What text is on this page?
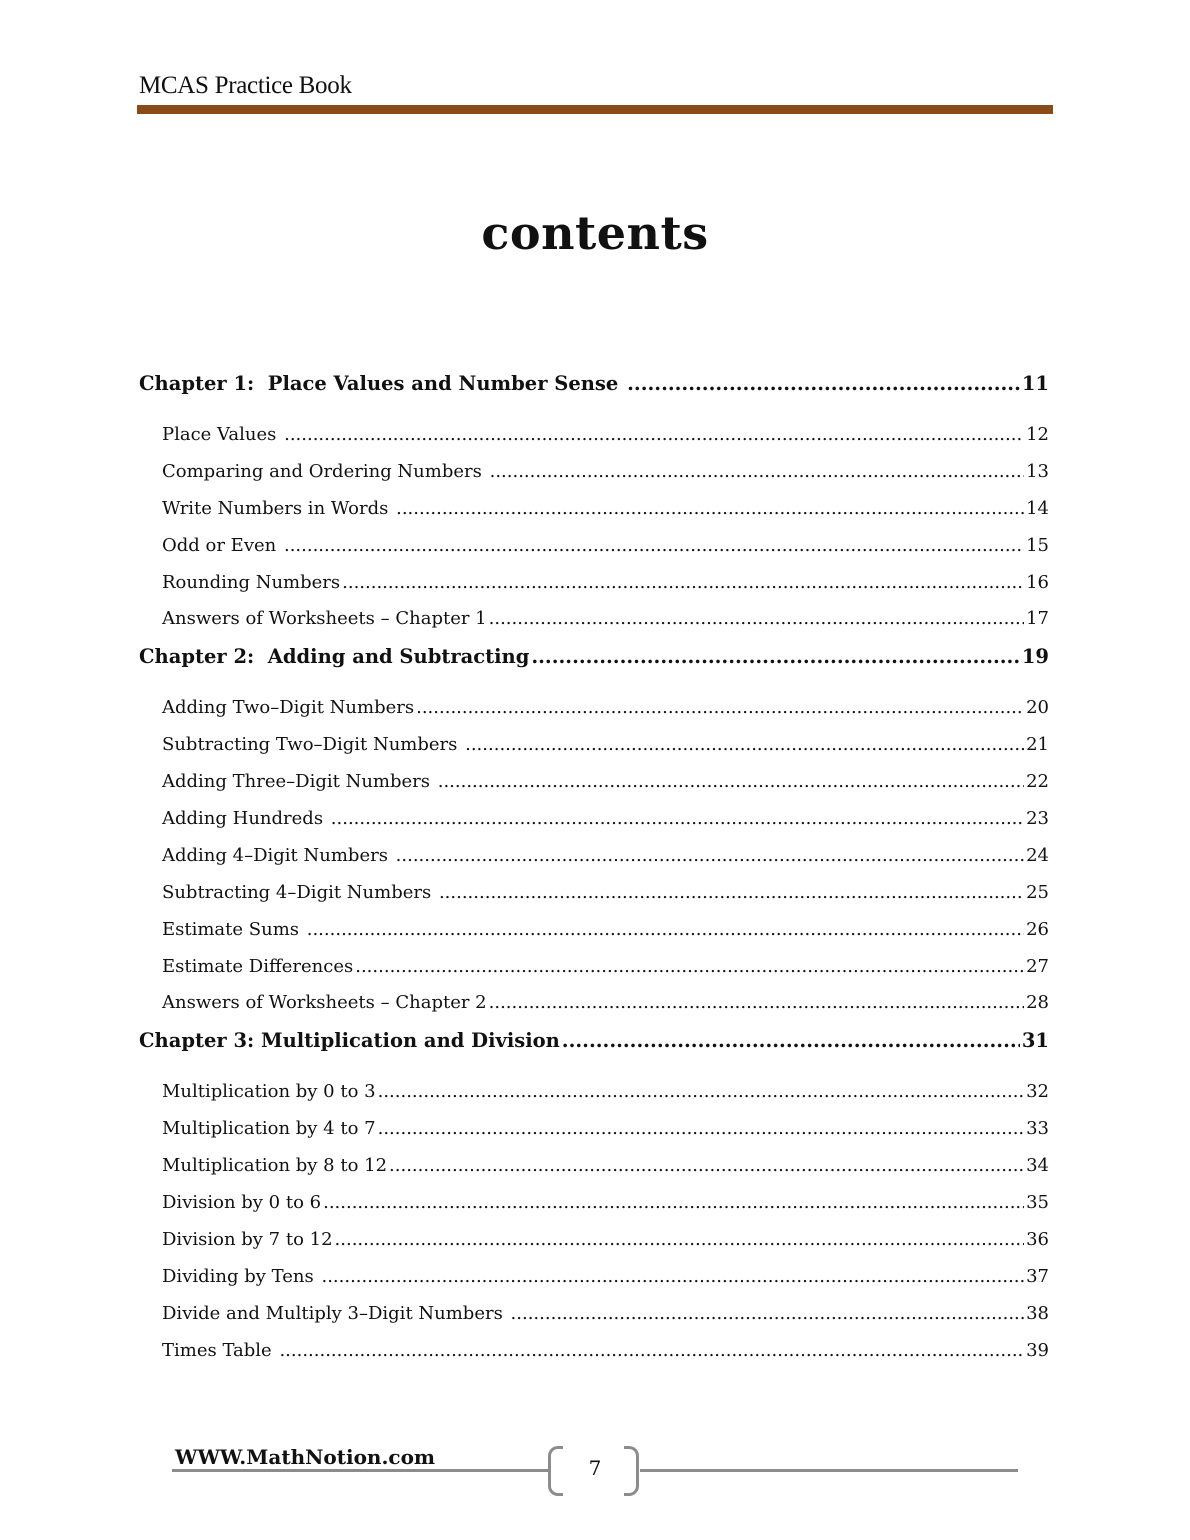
MCAS Practice Book
contents
Chapter 1:  Place Values and Number Sense .....	11
Place Values .....	12
Comparing and Ordering Numbers .....	13
Write Numbers in Words .....	14
Odd or Even .....	15
Rounding Numbers .....	16
Answers of Worksheets – Chapter 1 .....	17
Chapter 2:  Adding and Subtracting .....	19
Adding Two–Digit Numbers .....	20
Subtracting Two–Digit Numbers .....	21
Adding Three–Digit Numbers .....	22
Adding Hundreds .....	23
Adding 4–Digit Numbers .....	24
Subtracting 4–Digit Numbers .....	25
Estimate Sums .....	26
Estimate Differences .....	27
Answers of Worksheets – Chapter 2 .....	28
Chapter 3: Multiplication and Division .....	31
Multiplication by 0 to 3 .....	32
Multiplication by 4 to 7 .....	33
Multiplication by 8 to 12 .....	34
Division by 0 to 6 .....	35
Division by 7 to 12 .....	36
Dividing by Tens .....	37
Divide and Multiply 3–Digit Numbers .....	38
Times Table .....	39
WWW.MathNotion.com	7
